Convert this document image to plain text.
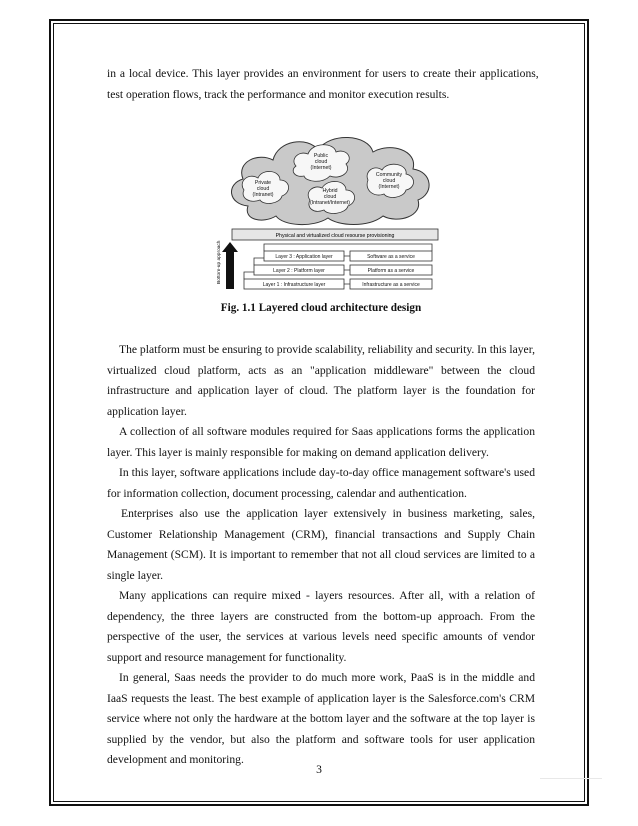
in a local device. This layer provides an environment for users to create their applications,
test operation flows, track the performance and monitor execution results.
Public
cloud
(Internet)
Private
cloud
(Intranet)
Community
cloud
(Internet)
Hybrid
cloud
(Intranet/Internet)
Physical and virtualized cloud resourse provisioning
Bottom-up approach	Layer 3 : Application layer
Layer 2 : Platform layer
Layer 1 : Infrastructure layer
Software as a service
Platform as a service
Infrastructure as a service
Fig. 1.1 Layered cloud architecture design

The platform must be ensuring to provide scalability, reliability and security. In this layer, virtualized cloud platform, acts as an "application middleware" between the cloud infrastructure and application layer of cloud. The platform layer is the foundation for application layer.

A collection of all software modules required for Saas applications forms the application layer. This layer is mainly responsible for making on demand application delivery.

In this layer, software applications include day-to-day office management software's used for information collection, document processing, calendar and authentication.

Enterprises also use the application layer extensively in business marketing, sales, Customer Relationship Management (CRM), financial transactions and Supply Chain Management (SCM). It is important to remember that not all cloud services are limited to a single layer.

Many applications can require mixed - layers resources. After all, with a relation of dependency, the three layers are constructed from the bottom-up approach. From the perspective of the user, the services at various levels need specific amounts of vendor support and resource management for functionality.

In general, Saas needs the provider to do much more work, PaaS is in the middle and IaaS requests the least. The best example of application layer is the Salesforce.com's CRM service where not only the hardware at the bottom layer and the software at the top layer is supplied by the vendor, but also the platform and software tools for user application development and monitoring.

3
